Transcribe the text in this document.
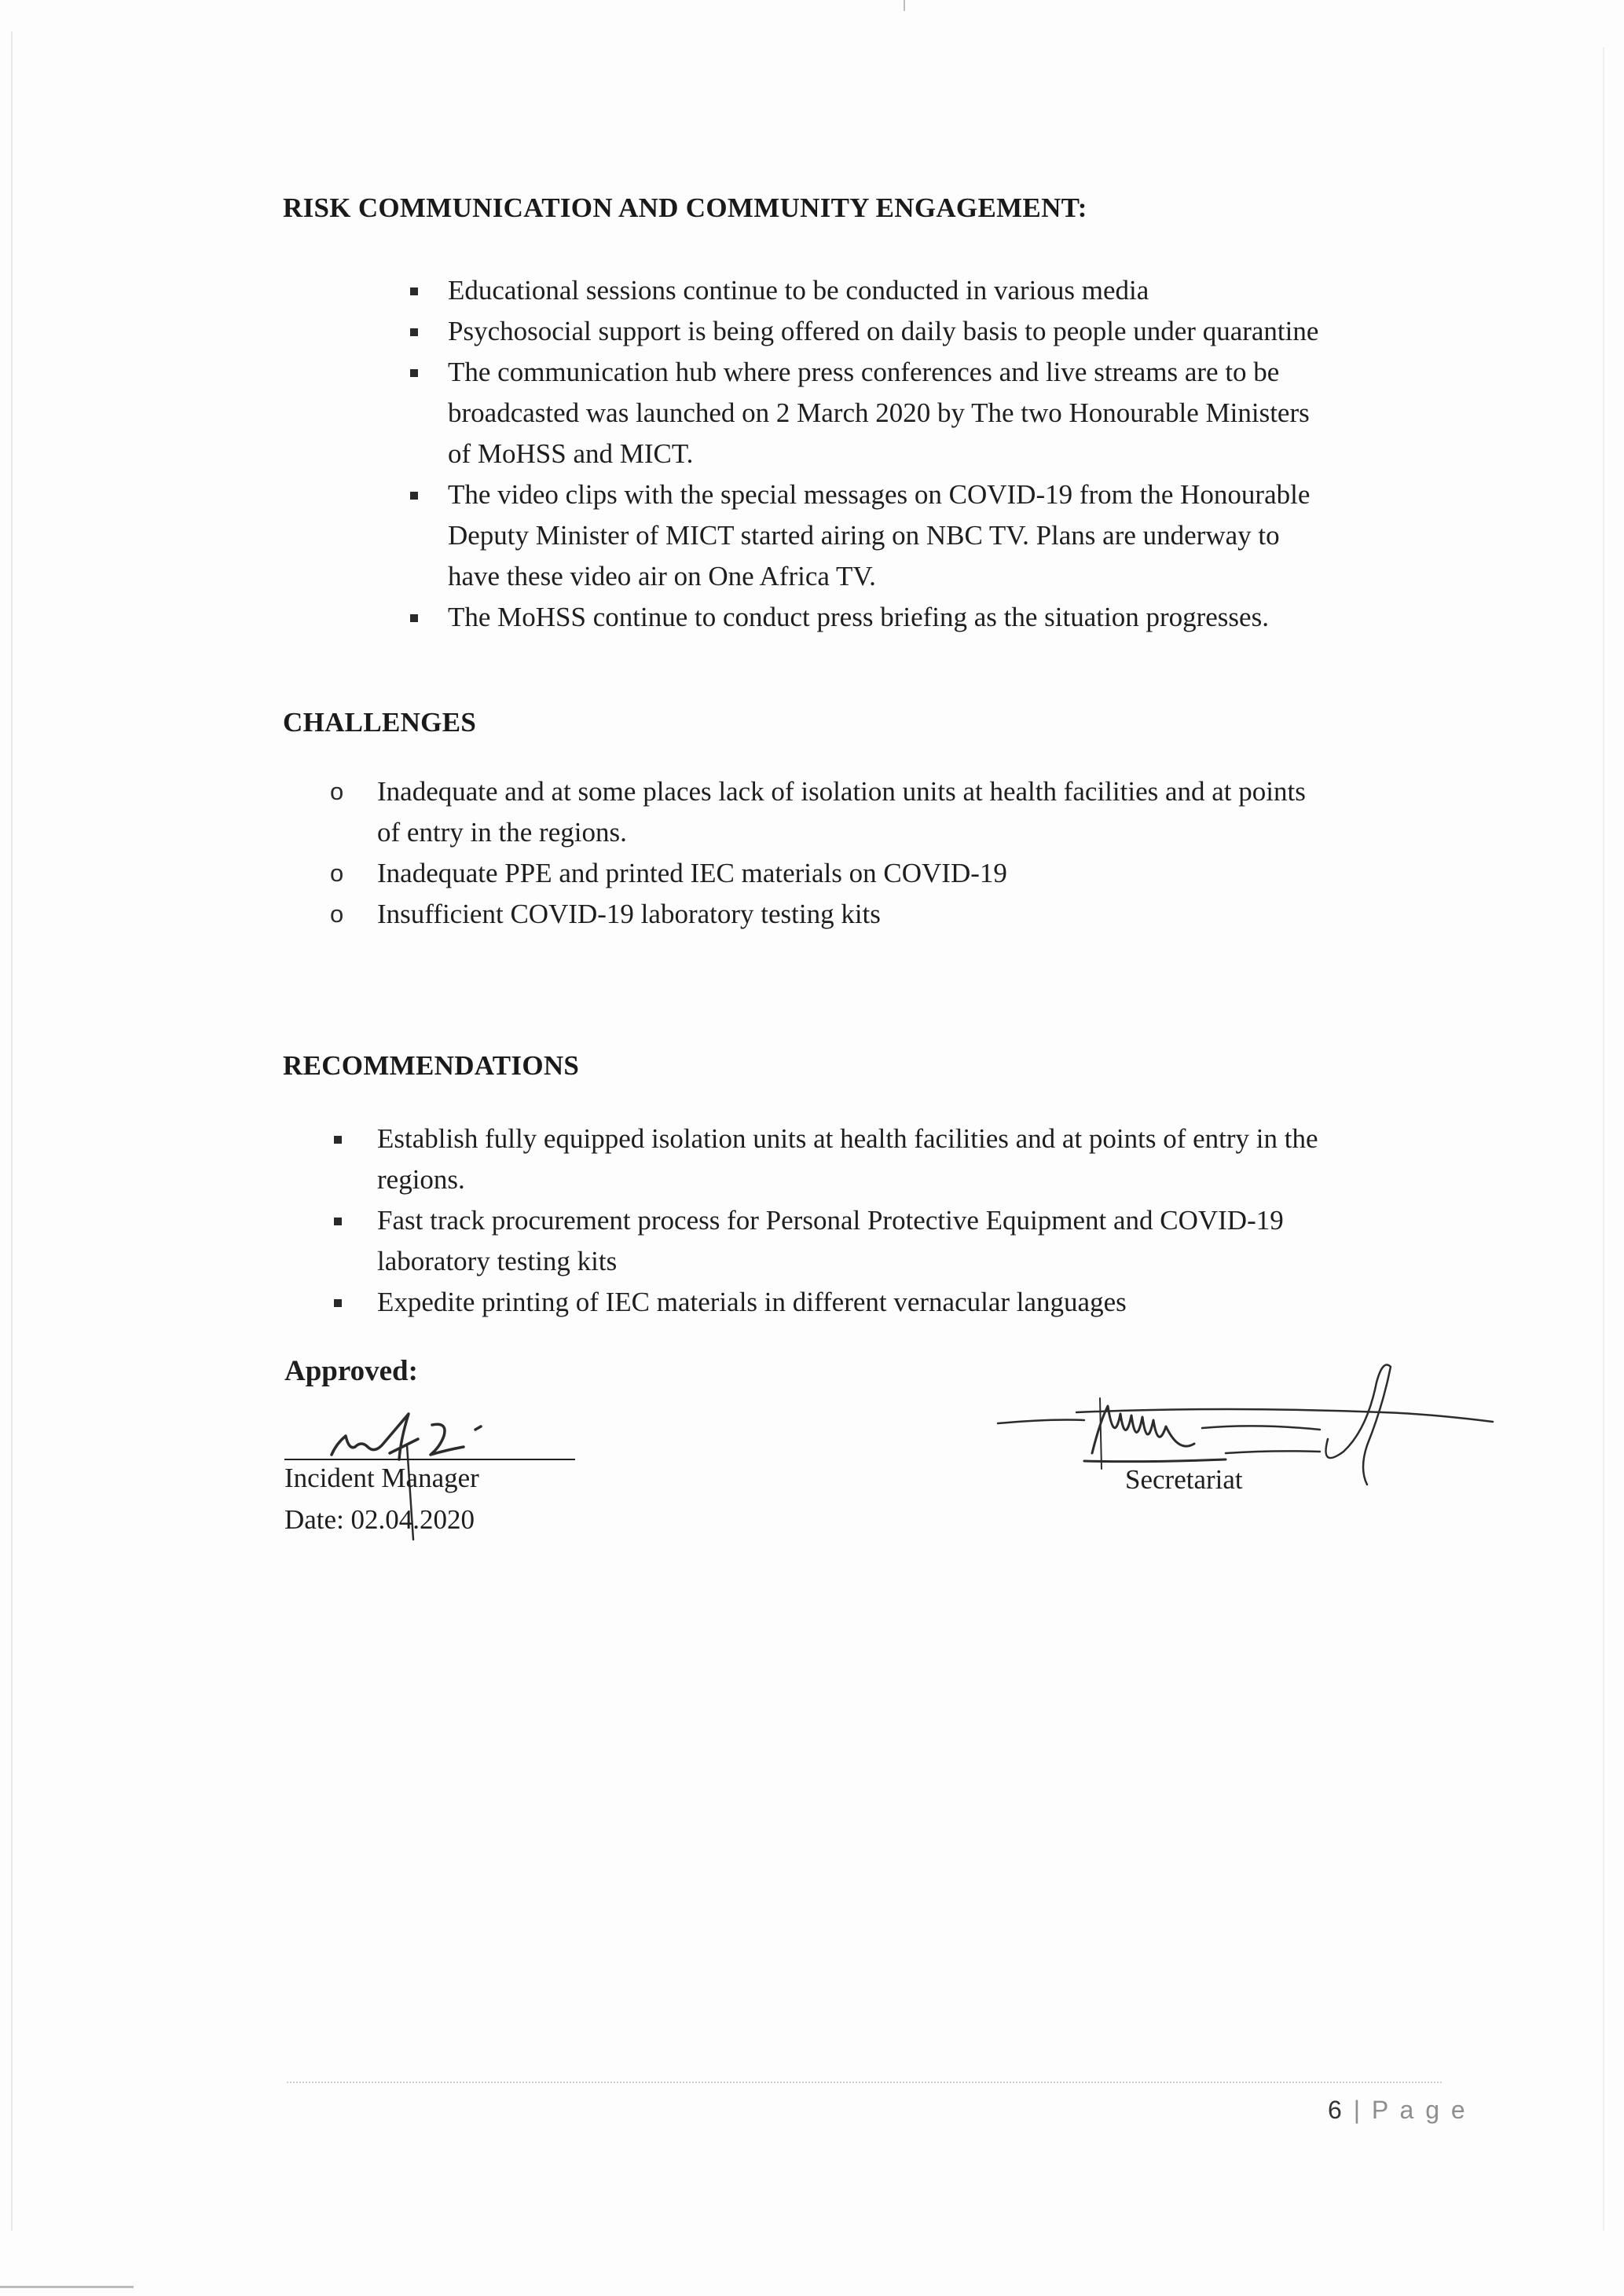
RISK COMMUNICATION AND COMMUNITY ENGAGEMENT:
Educational sessions continue to be conducted in various media
Psychosocial support is being offered on daily basis to people under quarantine
The communication hub where press conferences and live streams are to be
broadcasted was launched on 2 March 2020 by The two Honourable Ministers
of MoHSS and MICT.
The video clips with the special messages on COVID-19 from the Honourable
Deputy Minister of MICT started airing on NBC TV. Plans are underway to
have these video air on One Africa TV.
The MoHSS continue to conduct press briefing as the situation progresses.
CHALLENGES
o Inadequate and at some places lack of isolation units at health facilities and at points
of entry in the regions.
o Inadequate PPE and printed IEC materials on COVID-19
o Insufficient COVID-19 laboratory testing kits
RECOMMENDATIONS
Establish fully equipped isolation units at health facilities and at points of entry in the
regions.
Fast track procurement process for Personal Protective Equipment and COVID-19
laboratory testing kits
Expedite printing of IEC materials in different vernacular languages

Approved:

Incident Manager

Date: 02.04.2020

Secretariat

6 | P a g e
